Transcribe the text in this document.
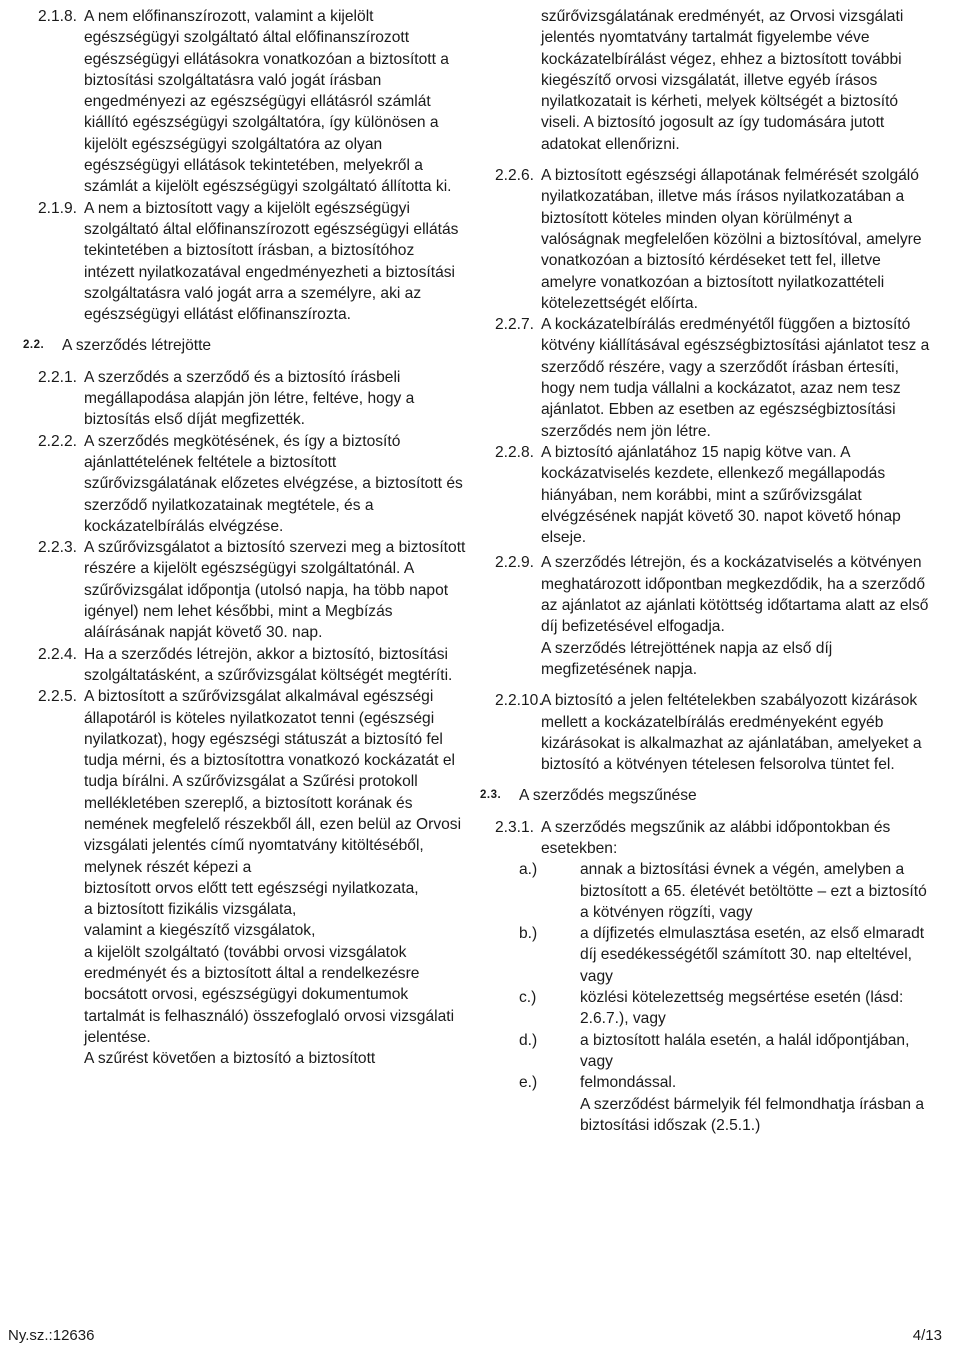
2.1.8. A nem előfinanszírozott, valamint a kijelölt egészségügyi szolgáltató által előfinanszírozott egészségügyi ellátásokra vonatkozóan a biztosított a biztosítási szolgáltatásra való jogát írásban engedményezi az egészségügyi ellátásról számlát kiállító egészségügyi szolgáltatóra, így különösen a kijelölt egészségügyi szolgáltatóra az olyan egészségügyi ellátások tekintetében, melyekről a számlát a kijelölt egészségügyi szolgáltató állította ki.

2.1.9. A nem a biztosított vagy a kijelölt egészségügyi szolgáltató által előfinanszírozott egészségügyi ellátás tekintetében a biztosított írásban, a biztosítóhoz intézett nyilatkozatával engedményezheti a biztosítási szolgáltatásra való jogát arra a személyre, aki az egészségügyi ellátást előfinanszírozta.

2.2. A szerződés létrejötte
2.2.1. A szerződés a szerződő és a biztosító írásbeli megállapodása alapján jön létre, feltéve, hogy a biztosítás első díját megfizették.

2.2.2. A szerződés megkötésének, és így a biztosító ajánlattételének feltétele a biztosított szűrővizsgálatának előzetes elvégzése, a biztosított és szerződő nyilatkozatainak megtétele, és a kockázatelbírálás elvégzése.

2.2.3. A szűrővizsgálatot a biztosító szervezi meg a biztosított részére a kijelölt egészségügyi szolgáltatónál. A szűrővizsgálat időpontja (utolsó napja, ha több napot igényel) nem lehet későbbi, mint a Megbízás aláírásának napját követő 30. nap.

2.2.4. Ha a szerződés létrejön, akkor a biztosító, biztosítási szolgáltatásként, a szűrővizsgálat költségét megtéríti.

2.2.5. A biztosított a szűrővizsgálat alkalmával egészségi állapotáról is köteles nyilatkozatot tenni (egészségi nyilatkozat), hogy egészségi státuszát a biztosító fel tudja mérni, és a biztosítottra vonatkozó kockázatát el tudja bírálni. A szűrővizsgálat a Szűrési protokoll mellékletében szereplő, a biztosított korának és nemének megfelelő részekből áll, ezen belül az Orvosi vizsgálati jelentés című nyomtatvány kitöltéséből, melynek részét képezi a

biztosított orvos előtt tett egészségi nyilatkozata,

a biztosított fizikális vizsgálata,

valamint a kiegészítő vizsgálatok,

a kijelölt szolgáltató (további orvosi vizsgálatok eredményét és a biztosított által a rendelkezésre bocsátott orvosi, egészségügyi dokumentumok tartalmát is felhasználó) összefoglaló orvosi vizsgálati jelentése.

A szűrést követően a biztosító a biztosított

szűrővizsgálatának eredményét, az Orvosi vizsgálati jelentés nyomtatvány tartalmát figyelembe véve kockázatelbírálást végez, ehhez a biztosított további kiegészítő orvosi vizsgálatát, illetve egyéb írásos nyilatkozatait is kérheti, melyek költségét a biztosító viseli. A biztosító jogosult az így tudomására jutott adatokat ellenőrizni.

2.2.6. A biztosított egészségi állapotának felmérését szolgáló nyilatkozatában, illetve más írásos nyilatkozatában a biztosított köteles minden olyan körülményt a valóságnak megfelelően közölni a biztosítóval, amelyre vonatkozóan a biztosító kérdéseket tett fel, illetve amelyre vonatkozóan a biztosított nyilatkozattételi kötelezettségét előírta.

2.2.7. A kockázatelbírálás eredményétől függően a biztosító kötvény kiállításával egészségbiztosítási ajánlatot tesz a szerződő részére, vagy a szerződőt írásban értesíti, hogy nem tudja vállalni a kockázatot, azaz nem tesz ajánlatot. Ebben az esetben az egészségbiztosítási szerződés nem jön létre.

2.2.8. A biztosító ajánlatához 15 napig kötve van. A kockázatviselés kezdete, ellenkező megállapodás hiányában, nem korábbi, mint a szűrővizsgálat elvégzésének napját követő 30. napot követő hónap elseje.

2.2.9. A szerződés létrejön, és a kockázatviselés a kötvényen meghatározott időpontban megkezdődik, ha a szerződő az ajánlatot az ajánlati kötöttség időtartama alatt az első díj befizetésével elfogadja.

A szerződés létrejöttének napja az első díj megfizetésének napja.

2.2.10.

A biztosító a jelen feltételekben szabályozott kizárások mellett a kockázatelbírálás eredményeként egyéb kizárásokat is alkalmazhat az ajánlatában, amelyeket a biztosító a kötvényen tételesen felsorolva tüntet fel.

2.3. A szerződés megszűnése
2.3.1. A szerződés megszűnik az alábbi időpontokban és esetekben:

a.)	annak a biztosítási évnek a végén, amelyben a biztosított a 65. életévét betöltötte – ezt a biztosító a kötvényen rögzíti, vagy

b.)	a díjfizetés elmulasztása esetén, az első elmaradt díj esedékességétől számított 30. nap elteltével, vagy

c.)	közlési kötelezettség megsértése esetén (lásd: 2.6.7.), vagy

d.)	a biztosított halála esetén, a halál időpontjában, vagy

e.)	felmondással.

A szerződést bármelyik fél felmondhatja írásban a biztosítási időszak (2.5.1.)

Ny.sz.:12636	4/13
